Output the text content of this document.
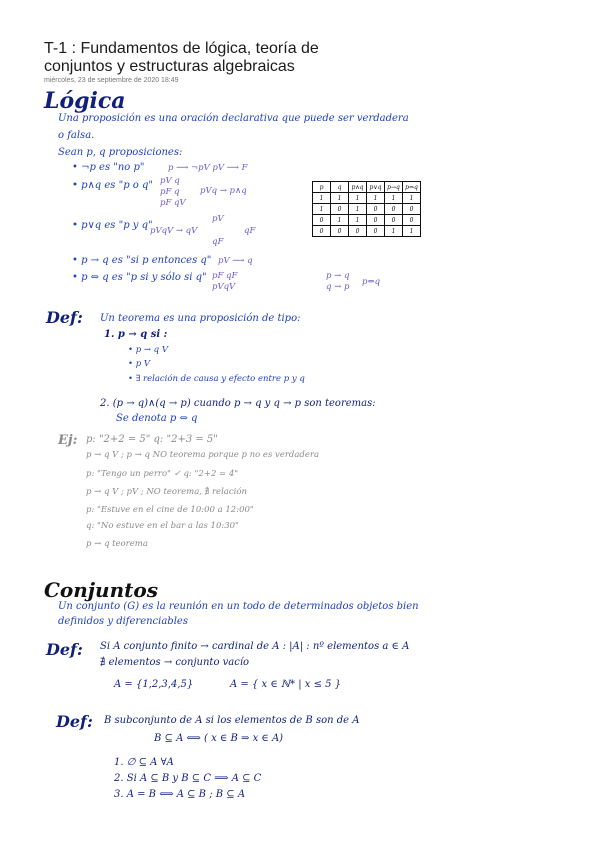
T-1 : Fundamentos de lógica, teoría de
conjuntos y estructuras algebraicas
miércoles, 23 de septiembre de 2020 18:49
Lógica
Una proposición es una oración declarativa que puede ser verdadera
o falsa.
Sean p, q proposiciones:
• ¬p es "no p"	p ⟶ ¬pV pV ⟶ F
• p∧q es "p o q" pV q
pF q
pF qV
pVq → p∧q
• p∨q es "p y q"
pV
pVqV → qV
qF
qF
• p → q es "si p entonces q" pV ⟶ q
• p ⇔ q es "p si y sólo si q" pF qF
pVqV
p → q
q → p p⇔q
p	q	p∧q	p∨q	p→q	p⇔q
1	1	1	1	1	1
1	0	1	0	0	0
0	1	1	0	0	0
0	0	0	0	1	1
Def: Un teorema es una proposición de tipo:
1. p → q si :
• p → q V
• p V
• ∃ relación de causa y efecto entre p y q
2. (p → q)∧(q → p) cuando p → q y q → p son teoremas:
Se denota p ⇔ q
Ej: p: "2+2 = 5" q: "2+3 = 5"
p → q V ; p → q NO teorema porque p no es verdadera
p: "Tengo un perro" ✓ q: "2+2 = 4"
p → q V ; pV ; NO teorema, ∄ relación
p: "Estuve en el cine de 10:00 a 12:00"
q: "No estuve en el bar a las 10:30"
p → q teorema
Conjuntos
Un conjunto (G) es la reunión en un todo de determinados objetos bien
definidos y diferenciables
Def: Si A conjunto finito → cardinal de A : |A| : nº elementos a ∈ A
∄ elementos → conjunto vacío
A = {1,2,3,4,5}	A = { x ∈ ℕ* | x ≤ 5 }
Def: B subconjunto de A si los elementos de B son de A
B ⊆ A ⟺ ( x ∈ B ⇒ x ∈ A)
1. ∅ ⊆ A ∀A
2. Si A ⊆ B y B ⊆ C ⟹ A ⊆ C
3. A = B ⟺ A ⊆ B ; B ⊆ A
